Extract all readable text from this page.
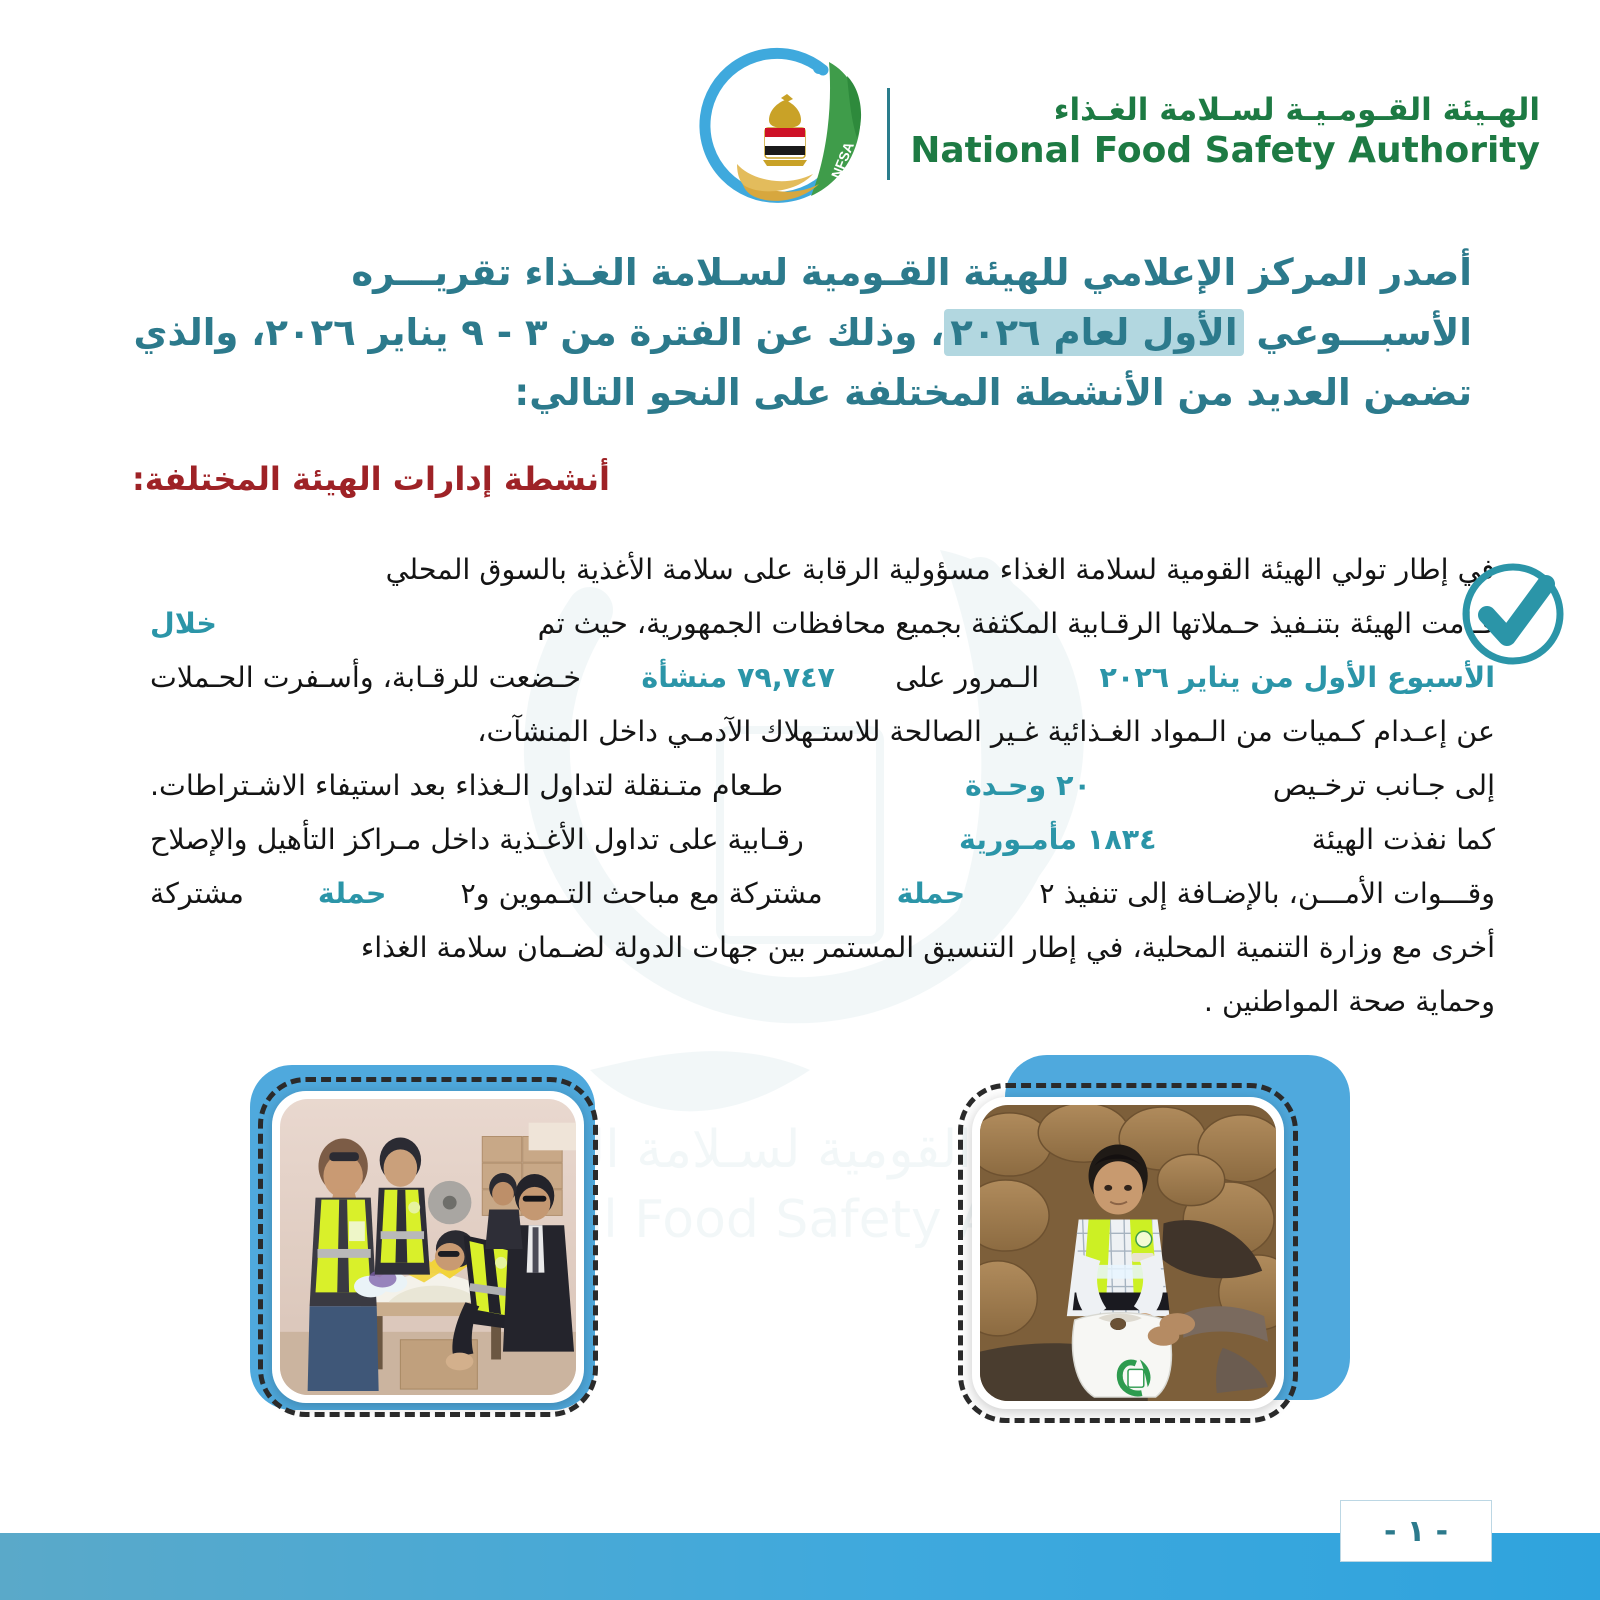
الهيئة القومية لسـلامة الغذاء
National Food Safety Authority
الهـيئة القـومـيـة لسـلامة الغـذاء
National Food Safety Authority
NFSA
أصدر المركز الإعلامي للهيئة القـومية لسـلامة الغـذاء تقريـــره الأسبـــوعي الأول لعام ٢٠٢٦، وذلك عن الفترة من ٣ - ٩ يناير ٢٠٢٦، والذي تضمن العديد من الأنشطة المختلفة على النحو التالي:
أنشطة إدارات الهيئة المختلفة:
في إطار تولي الهيئة القومية لسلامة الغذاء مسؤولية الرقابة على سلامة الأغذية بالسوق المحلي
قـامت الهيئة بتنـفيذ حـملاتها الرقـابية المكثفة بجميع محافظات الجمهورية، حيث تم
خلال
الأسبوع الأول من يناير ٢٠٢٦
الـمرور على
٧٩,٧٤٧ منشأة
خـضعت للرقـابة، وأسـفرت الحـملات
عن إعـدام كـميات من الـمواد الغـذائية غـير الصالحة للاستـهلاك الآدمـي داخل المنشآت،
إلى جـانب ترخـيص
٢٠ وحـدة
طـعام متـنقلة لتداول الـغذاء بعد استيفاء الاشـتراطات.
كما نفذت الهيئة
١٨٣٤ مأمـورية
رقـابية على تداول الأغـذية داخل مـراكز التأهيل والإصلاح
وقـــوات الأمـــن، بالإضـافة إلى تنفيذ ٢
حملة
مشتركة مع مباحث التـموين و٢
حملة
مشتركة
أخرى مع وزارة التنمية المحلية، في إطار التنسيق المستمر بين جهات الدولة لضـمان سلامة الغذاء
وحماية صحة المواطنين .
- ١ -
